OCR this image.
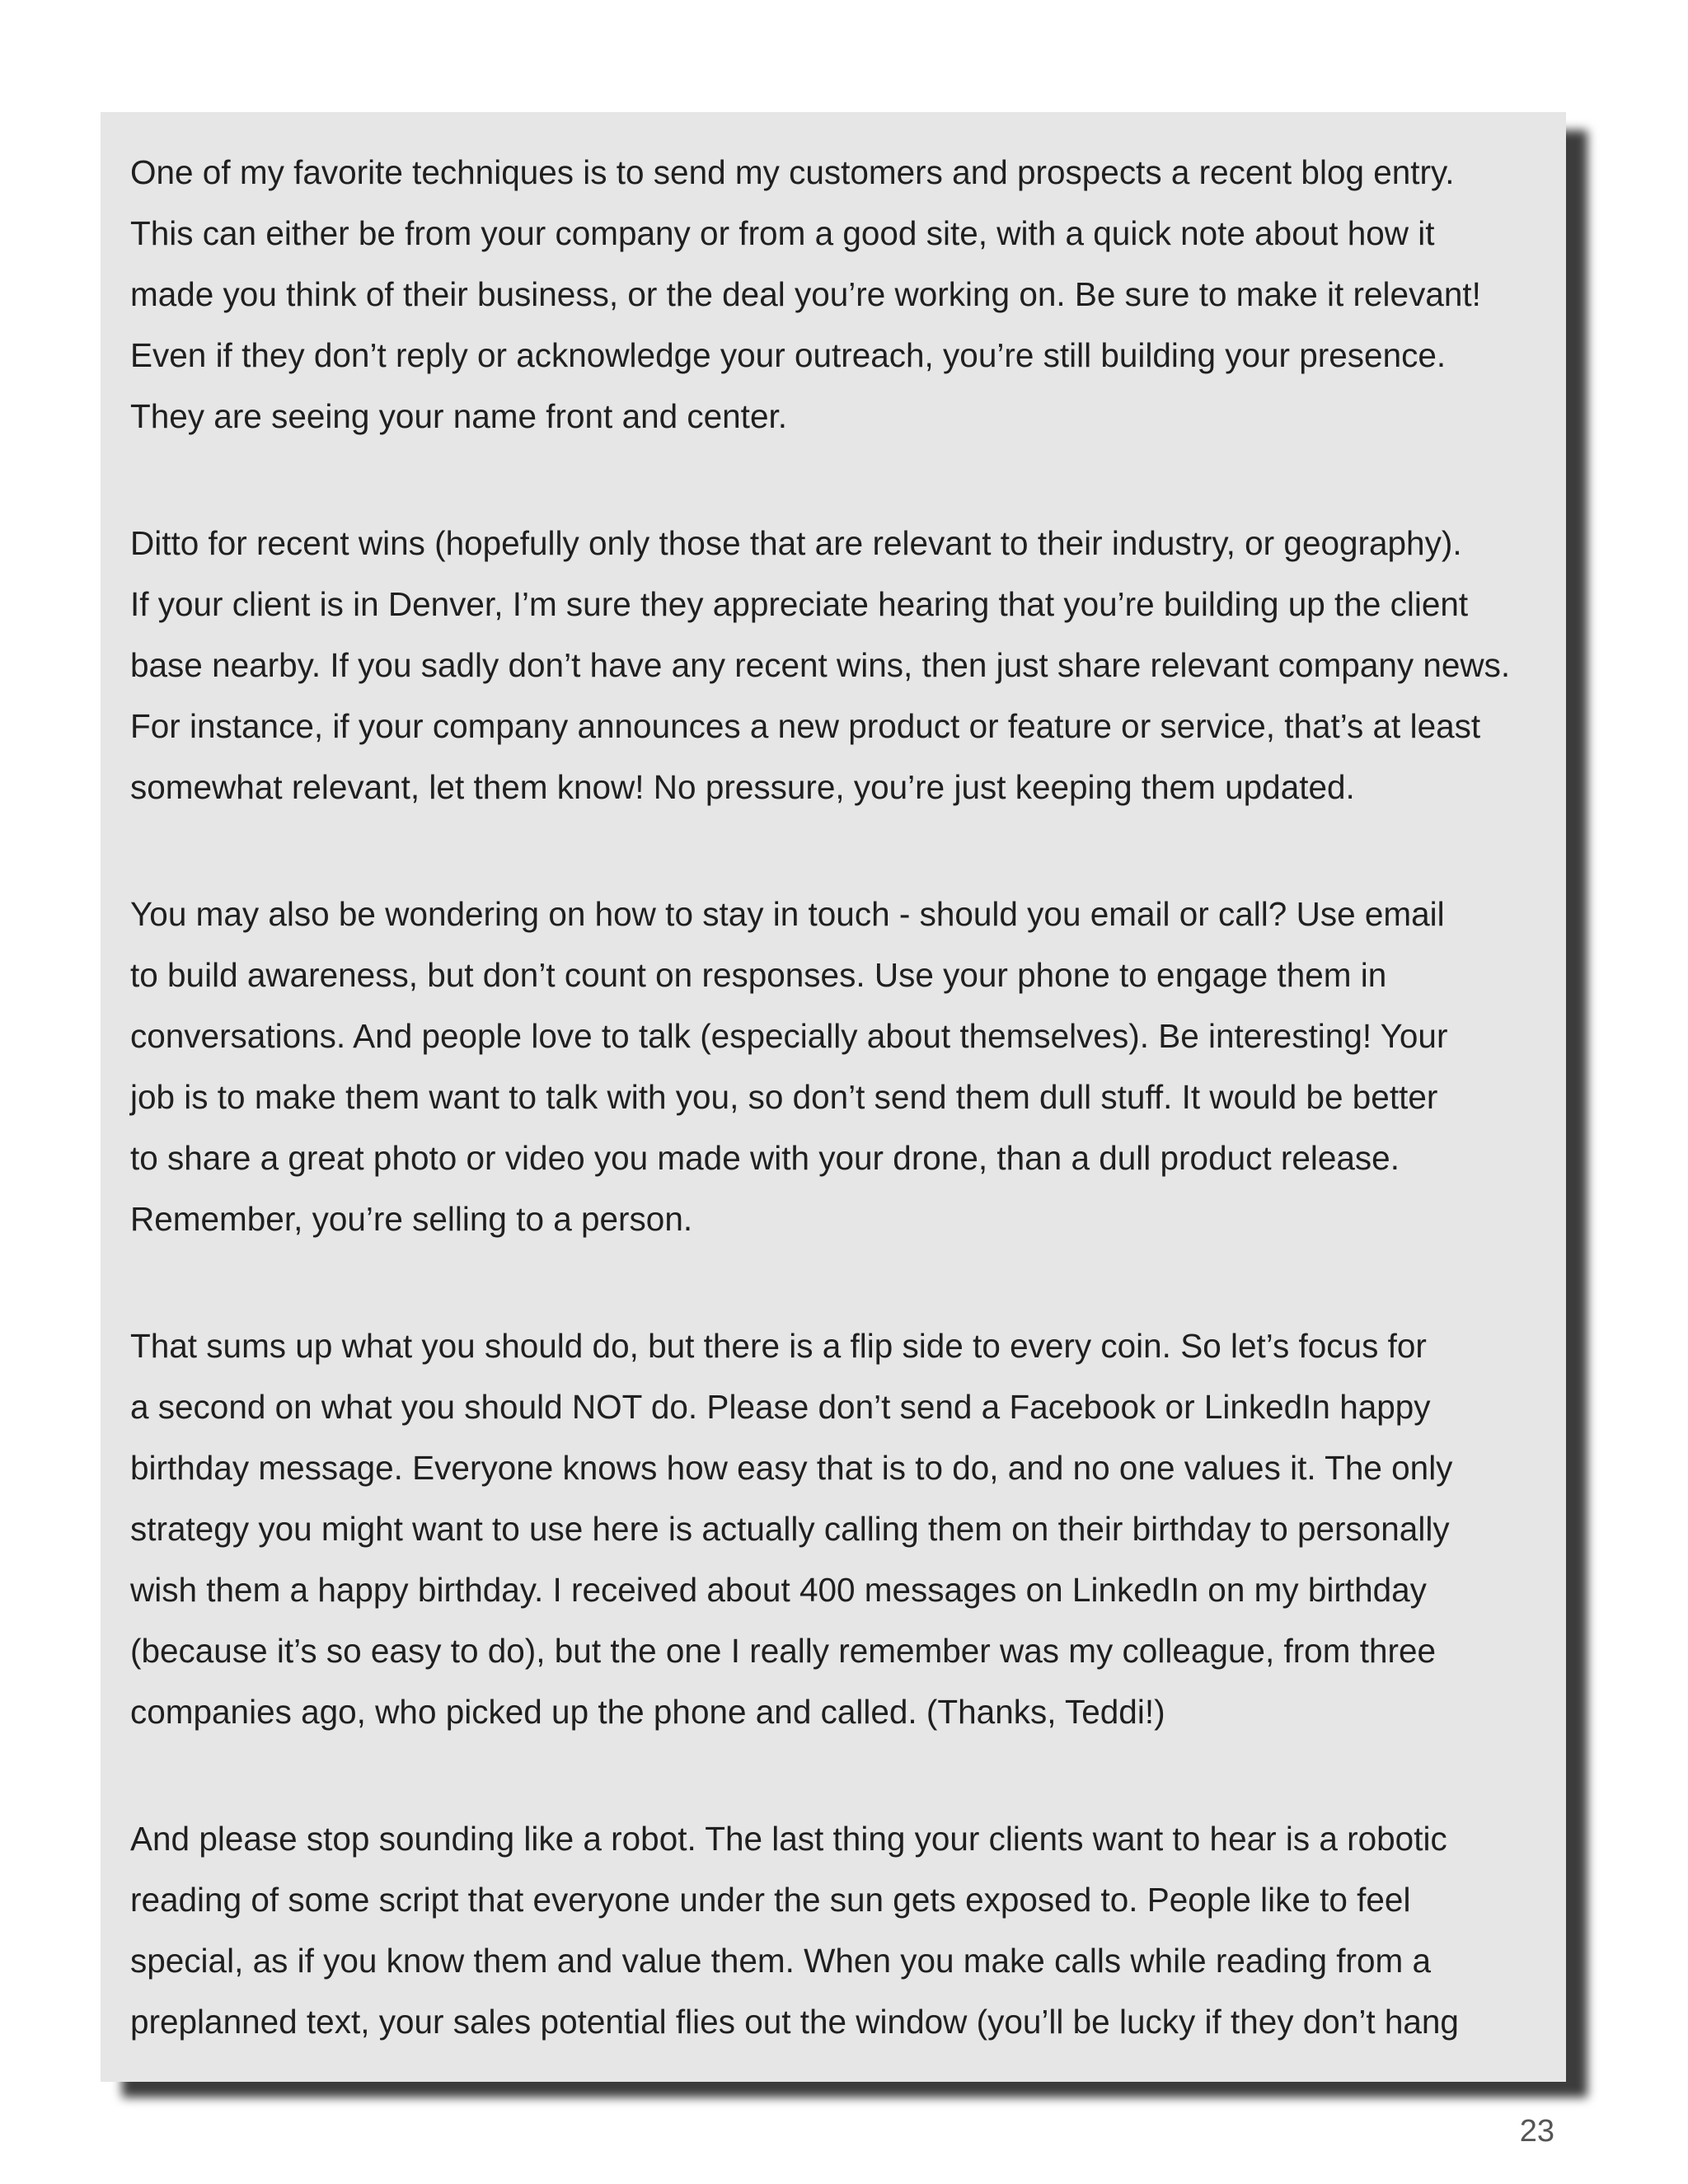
One of my favorite techniques is to send my customers and prospects a recent blog entry.
This can either be from your company or from a good site, with a quick note about how it
made you think of their business, or the deal you’re working on. Be sure to make it relevant!
Even if they don’t reply or acknowledge your outreach, you’re still building your presence.
They are seeing your name front and center.

Ditto for recent wins (hopefully only those that are relevant to their industry, or geography).
If your client is in Denver, I’m sure they appreciate hearing that you’re building up the client
base nearby. If you sadly don’t have any recent wins, then just share relevant company news.
For instance, if your company announces a new product or feature or service, that’s at least
somewhat relevant, let them know! No pressure, you’re just keeping them updated.

You may also be wondering on how to stay in touch - should you email or call? Use email
to build awareness, but don’t count on responses. Use your phone to engage them in
conversations. And people love to talk (especially about themselves). Be interesting! Your
job is to make them want to talk with you, so don’t send them dull stuff. It would be better
to share a great photo or video you made with your drone, than a dull product release.
Remember, you’re selling to a person.

That sums up what you should do, but there is a flip side to every coin. So let’s focus for
a second on what you should NOT do. Please don’t send a Facebook or LinkedIn happy
birthday message. Everyone knows how easy that is to do, and no one values it. The only
strategy you might want to use here is actually calling them on their birthday to personally
wish them a happy birthday. I received about 400 messages on LinkedIn on my birthday
(because it’s so easy to do), but the one I really remember was my colleague, from three
companies ago, who picked up the phone and called. (Thanks, Teddi!)

And please stop sounding like a robot. The last thing your clients want to hear is a robotic
reading of some script that everyone under the sun gets exposed to. People like to feel
special, as if you know them and value them. When you make calls while reading from a
preplanned text, your sales potential flies out the window (you’ll be lucky if they don’t hang

23
